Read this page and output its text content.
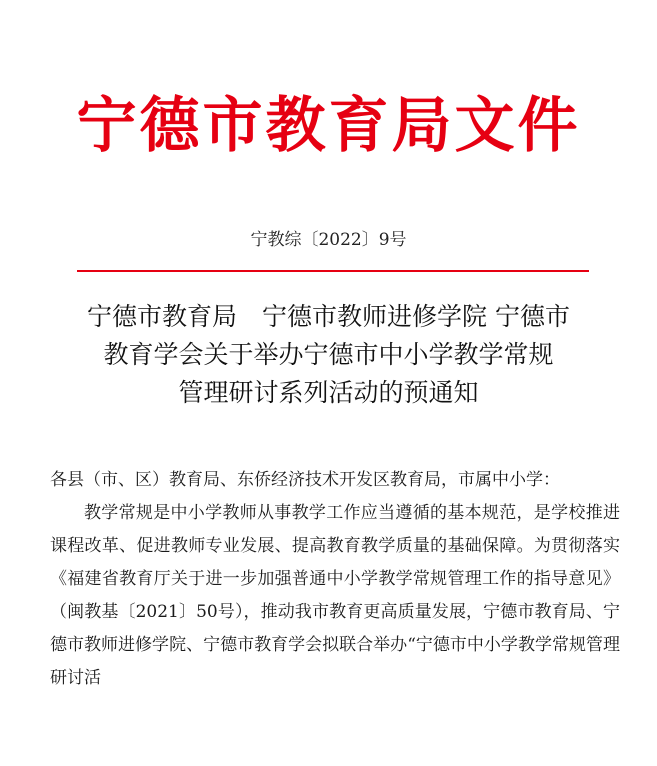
宁德市教育局文件
宁教综〔2022〕9号
宁德市教育局　宁德市教师进修学院 宁德市
教育学会关于举办宁德市中小学教学常规
管理研讨系列活动的预通知

各县（市、区）教育局、东侨经济技术开发区教育局，市属中小学：

教学常规是中小学教师从事教学工作应当遵循的基本规范，是学校推进课程改革、促进教师专业发展、提高教育教学质量的基础保障。为贯彻落实《福建省教育厅关于进一步加强普通中小学教学常规管理工作的指导意见》（闽教基〔2021〕50号），推动我市教育更高质量发展，宁德市教育局、宁德市教师进修学院、宁德市教育学会拟联合举办“宁德市中小学教学常规管理研讨活
